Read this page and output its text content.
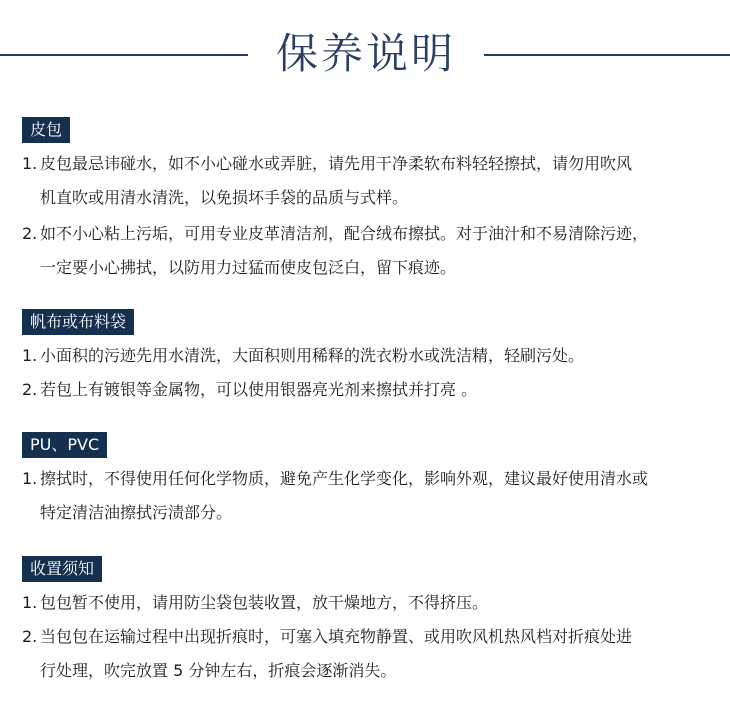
保养说明
皮包
1. 皮包最忌讳碰水，如不小心碰水或弄脏，请先用干净柔软布料轻轻擦拭，请勿用吹风
机直吹或用清水清洗，以免损坏手袋的品质与式样。
2. 如不小心粘上污垢，可用专业皮革清洁剂，配合绒布擦拭。对于油汁和不易清除污迹，
一定要小心拂拭，以防用力过猛而使皮包泛白，留下痕迹。
帆布或布料袋
1. 小面积的污迹先用水清洗，大面积则用稀释的洗衣粉水或洗洁精，轻刷污处。
2. 若包上有镀银等金属物，可以使用银器亮光剂来擦拭并打亮 。
PU、PVC
1. 擦拭时，不得使用任何化学物质，避免产生化学变化，影响外观，建议最好使用清水或
特定清洁油擦拭污渍部分。
收置须知
1. 包包暂不使用，请用防尘袋包装收置，放干燥地方，不得挤压。
2. 当包包在运输过程中出现折痕时，可塞入填充物静置、或用吹风机热风档对折痕处进
行处理，吹完放置 5 分钟左右，折痕会逐渐消失。
